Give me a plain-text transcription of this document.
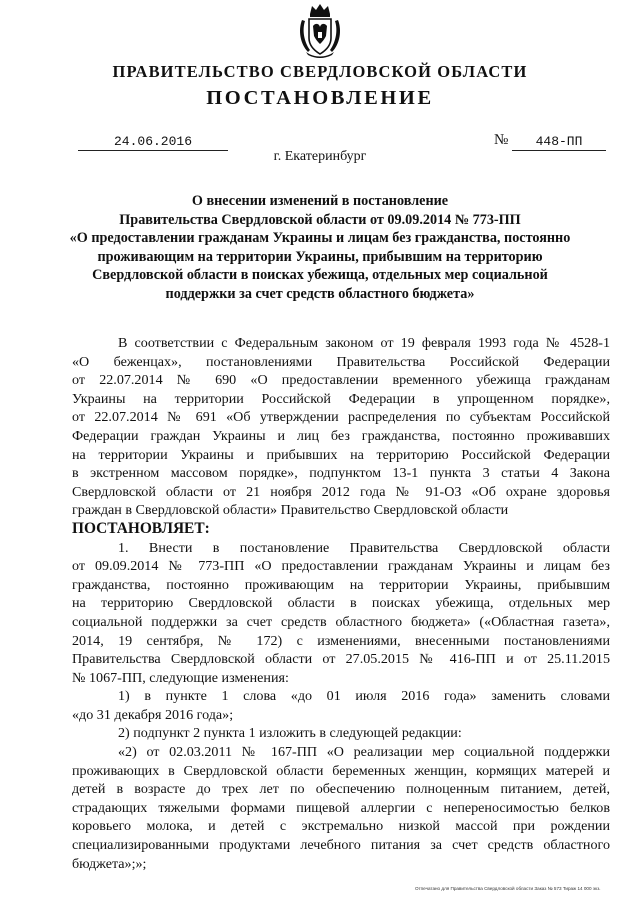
ПРАВИТЕЛЬСТВО СВЕРДЛОВСКОЙ ОБЛАСТИ
ПОСТАНОВЛЕНИЕ
24.06.2016	№	448-ПП
г. Екатеринбург
О внесении изменений в постановление
Правительства Свердловской области от 09.09.2014 № 773-ПП
«О предоставлении гражданам Украины и лицам без гражданства, постоянно
проживающим на территории Украины, прибывшим на территорию
Свердловской области в поисках убежища, отдельных мер социальной
поддержки за счет средств областного бюджета»
В соответствии с Федеральным законом от 19 февраля 1993 года № 4528-1
«О беженцах», постановлениями Правительства Российской Федерации
от 22.07.2014 № 690 «О предоставлении временного убежища гражданам
Украины на территории Российской Федерации в упрощенном порядке»,
от 22.07.2014 № 691 «Об утверждении распределения по субъектам Российской
Федерации граждан Украины и лиц без гражданства, постоянно проживавших
на территории Украины и прибывших на территорию Российской Федерации
в экстренном массовом порядке», подпунктом 13-1 пункта 3 статьи 4 Закона
Свердловской области от 21 ноября 2012 года № 91-ОЗ «Об охране здоровья
граждан в Свердловской области» Правительство Свердловской области
ПОСТАНОВЛЯЕТ:
1. Внести в постановление Правительства Свердловской области
от 09.09.2014 № 773-ПП «О предоставлении гражданам Украины и лицам без
гражданства, постоянно проживающим на территории Украины, прибывшим
на территорию Свердловской области в поисках убежища, отдельных мер
социальной поддержки за счет средств областного бюджета» («Областная газета»,
2014, 19 сентября, № 172) с изменениями, внесенными постановлениями
Правительства Свердловской области от 27.05.2015 № 416-ПП и от 25.11.2015
№ 1067-ПП, следующие изменения:
1) в пункте 1 слова «до 01 июля 2016 года» заменить словами
«до 31 декабря 2016 года»;
2) подпункт 2 пункта 1 изложить в следующей редакции:
«2) от 02.03.2011 № 167-ПП «О реализации мер социальной поддержки
проживающих в Свердловской области беременных женщин, кормящих матерей и
детей в возрасте до трех лет по обеспечению полноценным питанием, детей,
страдающих тяжелыми формами пищевой аллергии с непереносимостью белков
коровьего молока, и детей с экстремально низкой массой при рождении
специализированными продуктами лечебного питания за счет средств областного
бюджета»;»;
Отпечатано для Правительства Свердловской области Заказ № 573 Тираж 14 000 экз.
